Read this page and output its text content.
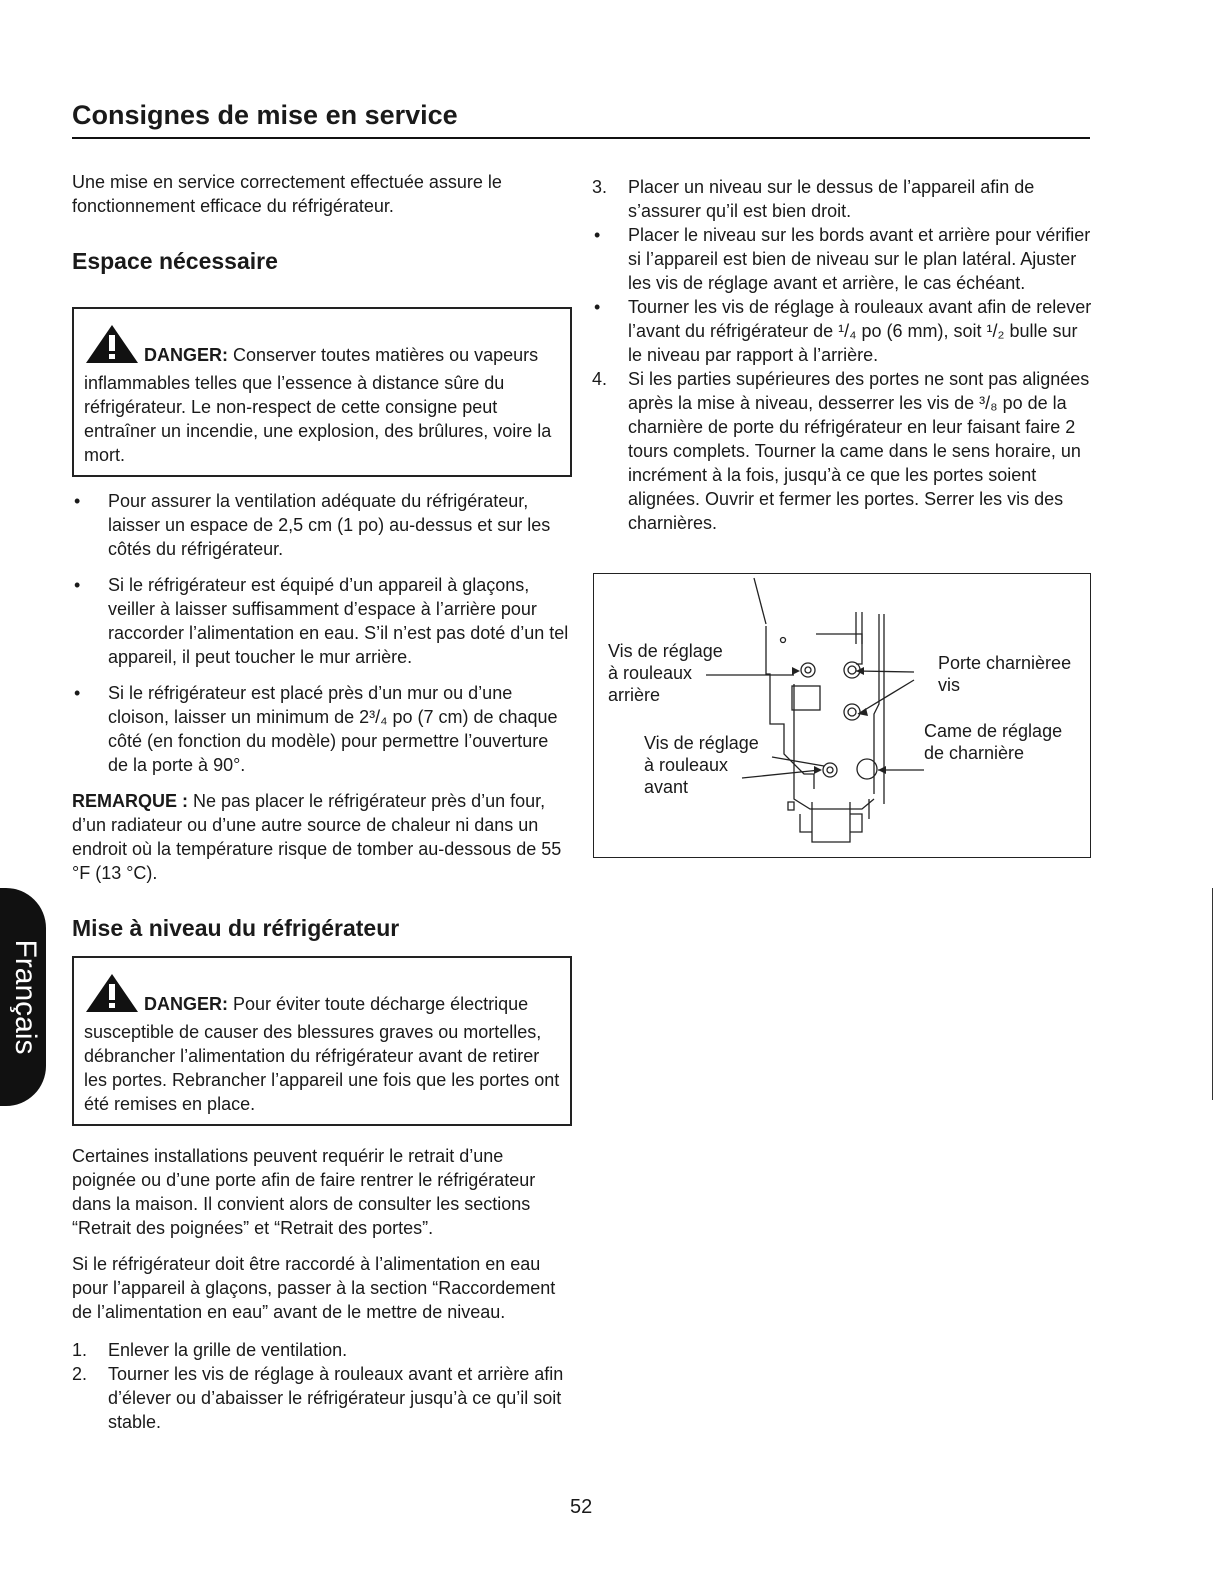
Consignes de mise en service

Une mise en service correctement effectuée assure le fonctionnement efficace du réfrigérateur.

Espace nécessaire
DANGER: Conserver toutes matières ou vapeurs inflammables telles que l’essence à distance sûre du réfrigérateur. Le non-respect de cette consigne peut entraîner un incendie, une explosion, des brûlures, voire la mort.
• Pour assurer la ventilation adéquate du réfrigérateur, laisser un espace de 2,5 cm (1 po) au-dessus et sur les côtés du réfrigérateur.
• Si le réfrigérateur est équipé d’un appareil à glaçons, veiller à laisser suffisamment d’espace à l’arrière pour raccorder l’alimentation en eau. S’il n’est pas doté d’un tel appareil, il peut toucher le mur arrière.
• Si le réfrigérateur est placé près d’un mur ou d’une cloison, laisser un minimum de 2³/₄ po (7 cm) de chaque côté (en fonction du modèle) pour permettre l’ouverture de la porte à 90°.

REMARQUE : Ne pas placer le réfrigérateur près d’un four, d’un radiateur ou d’une autre source de chaleur ni dans un endroit où la température risque de tomber au-dessous de 55 °F (13 °C).

Mise à niveau du réfrigérateur
DANGER: Pour éviter toute décharge électrique susceptible de causer des blessures graves ou mortelles, débrancher l’alimentation du réfrigérateur avant de retirer les portes. Rebrancher l’appareil une fois que les portes ont été remises en place.

Certaines installations peuvent requérir le retrait d’une poignée ou d’une porte afin de faire rentrer le réfrigérateur dans la maison. Il convient alors de consulter les sections “Retrait des poignées” et “Retrait des portes”.

Si le réfrigérateur doit être raccordé à l’alimentation en eau pour l’appareil à glaçons, passer à la section “Raccordement de l’alimentation en eau” avant de le mettre de niveau.

1. Enlever la grille de ventilation.
2. Tourner les vis de réglage à rouleaux avant et arrière afin d’élever ou d’abaisser le réfrigérateur jusqu’à ce qu’il soit stable.
3. Placer un niveau sur le dessus de l’appareil afin de s’assurer qu’il est bien droit.
• Placer le niveau sur les bords avant et arrière pour vérifier si l’appareil est bien de niveau sur le plan latéral. Ajuster les vis de réglage avant et arrière, le cas échéant.
• Tourner les vis de réglage à rouleaux avant afin de relever l’avant du réfrigérateur de ¹/₄ po (6 mm), soit ¹/₂ bulle sur le niveau par rapport à l’arrière.
4. Si les parties supérieures des portes ne sont pas alignées après la mise à niveau, desserrer les vis de ³/₈ po de la charnière de porte du réfrigérateur en leur faisant faire 2 tours complets. Tourner la came dans le sens horaire, un incrément à la fois, jusqu’à ce que les portes soient alignées. Ouvrir et fermer les portes. Serrer les vis des charnières.
Vis de réglage
à rouleaux
arrière
Vis de réglage
à rouleaux
avant
Porte charnièree
vis
Came de réglage
de charnière
52
Français
